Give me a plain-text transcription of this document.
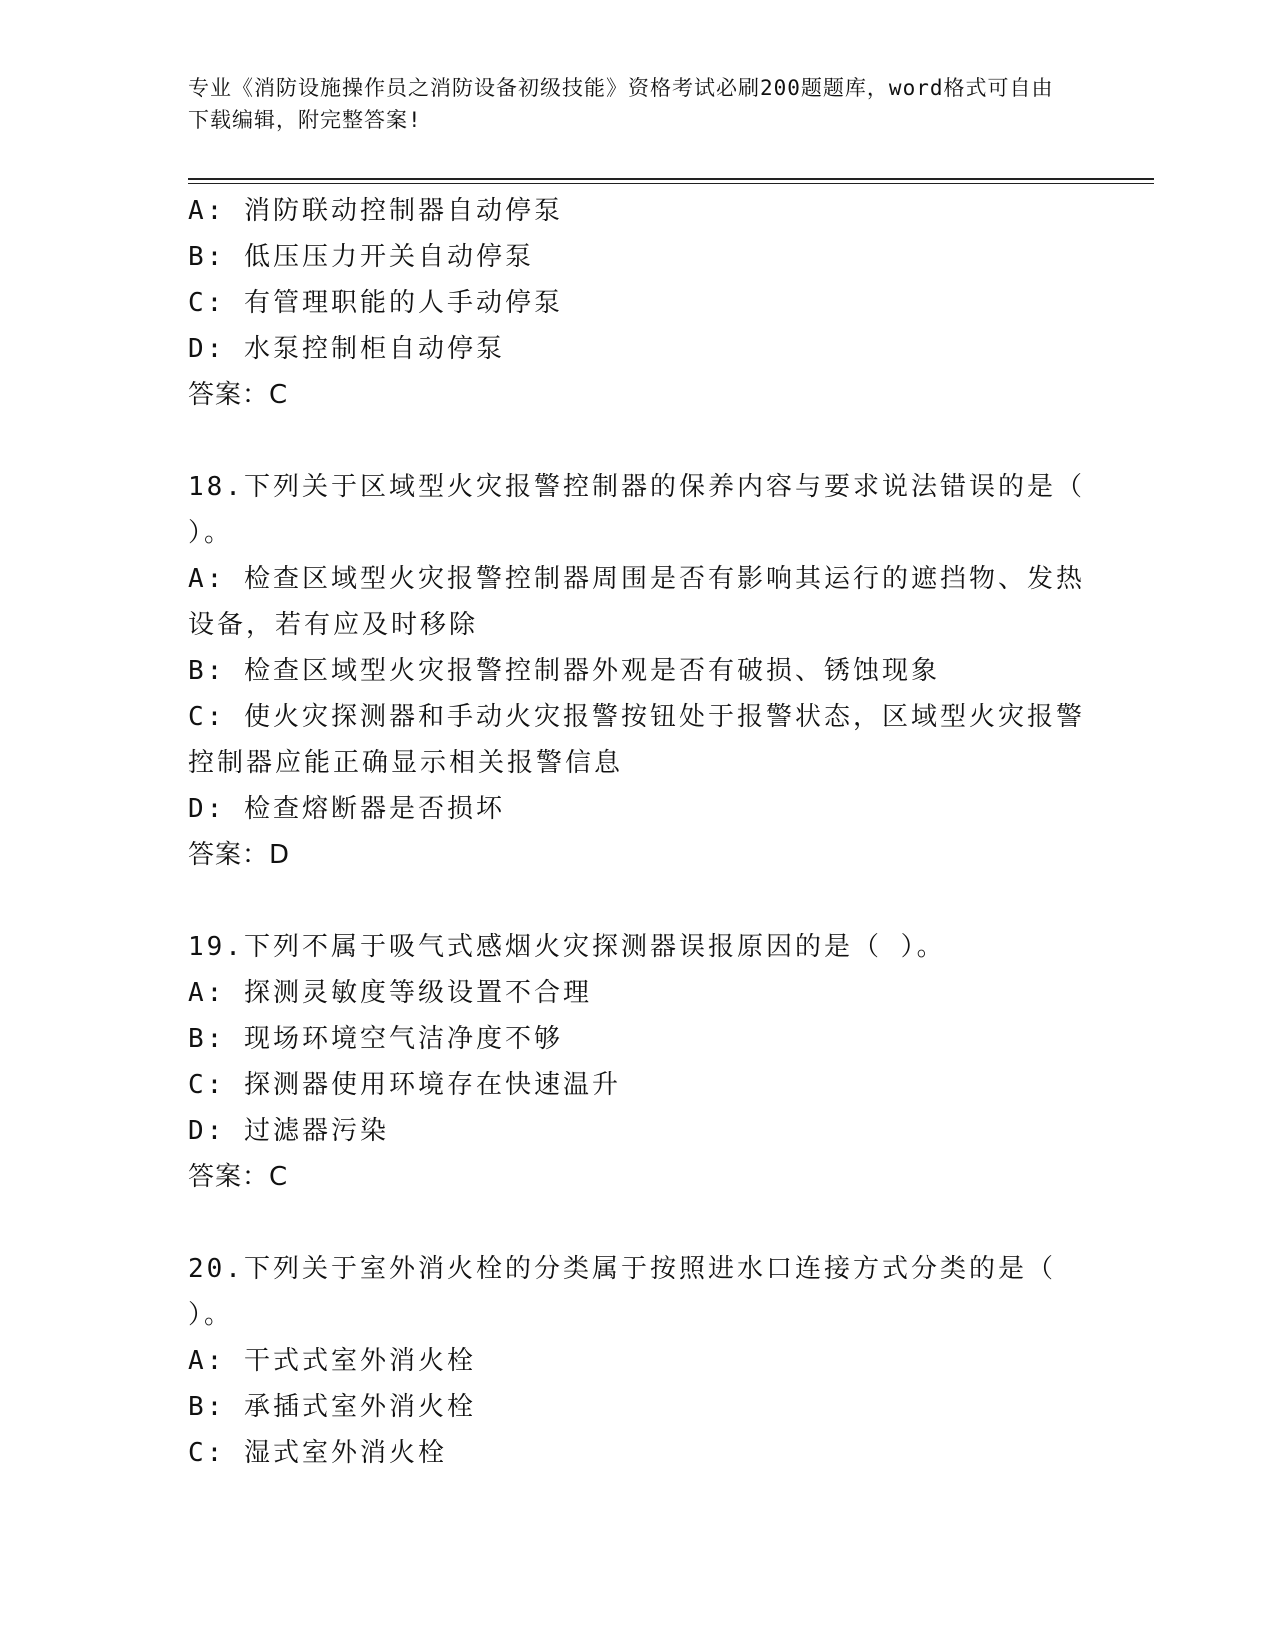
专业《消防设施操作员之消防设备初级技能》资格考试必刷200题题库，word格式可自由下载编辑，附完整答案!
A: 消防联动控制器自动停泵
B: 低压压力开关自动停泵
C: 有管理职能的人手动停泵
D: 水泵控制柜自动停泵
答案：C
18.下列关于区域型火灾报警控制器的保养内容与要求说法错误的是（ ）。
A: 检查区域型火灾报警控制器周围是否有影响其运行的遮挡物、发热设备，若有应及时移除
B: 检查区域型火灾报警控制器外观是否有破损、锈蚀现象
C: 使火灾探测器和手动火灾报警按钮处于报警状态，区域型火灾报警控制器应能正确显示相关报警信息
D: 检查熔断器是否损坏
答案：D
19.下列不属于吸气式感烟火灾探测器误报原因的是（ ）。
A: 探测灵敏度等级设置不合理
B: 现场环境空气洁净度不够
C: 探测器使用环境存在快速温升
D: 过滤器污染
答案：C
20.下列关于室外消火栓的分类属于按照进水口连接方式分类的是（ ）。
A: 干式式室外消火栓
B: 承插式室外消火栓
C: 湿式室外消火栓
